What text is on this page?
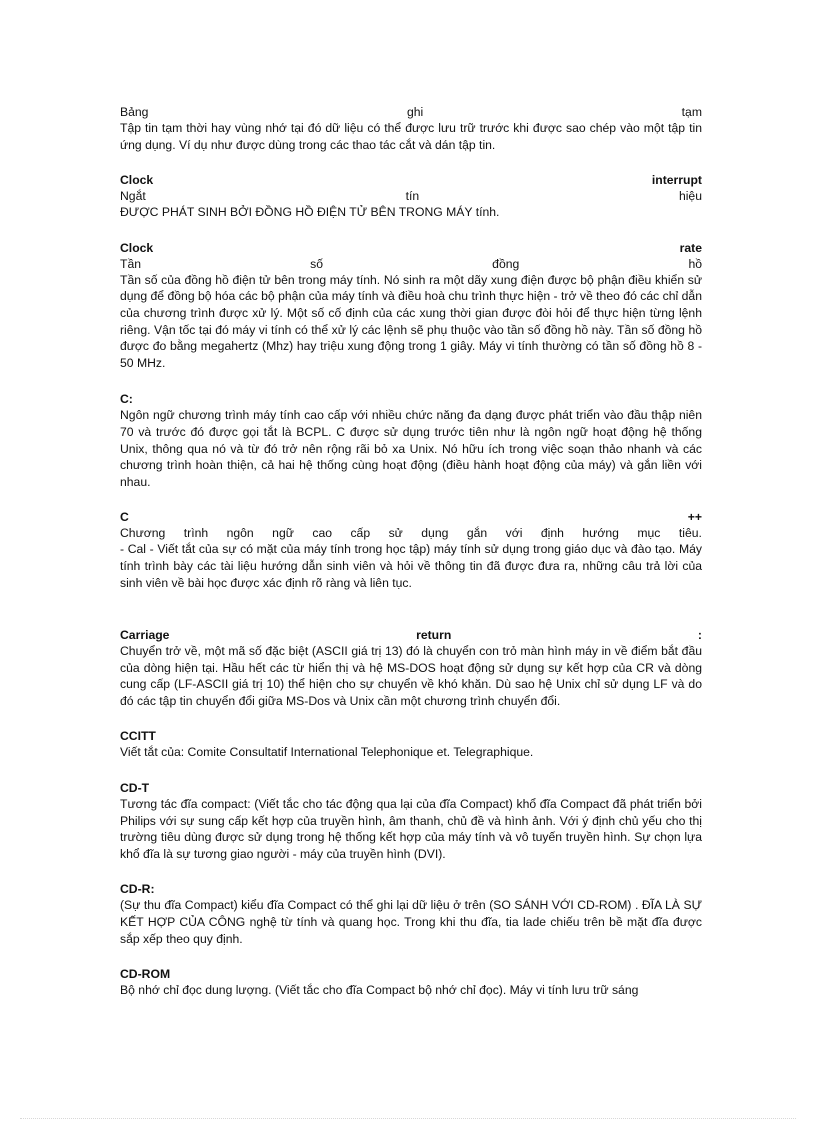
Bảng	ghi	tạm
Tập tin tạm thời hay vùng nhớ tại đó dữ liệu có thể được lưu trữ trước khi được sao chép vào một tập tin ứng dụng. Ví dụ như được dùng trong các thao tác cắt và dán tập tin.
Clock	interrupt
Ngắt	tín	hiệu
ĐƯỢC PHÁT SINH BỞI ĐỒNG HỒ ĐIỆN TỬ BÊN TRONG MÁY tính.
Clock	rate
Tần	số	đồng	hồ
Tần số của đồng hồ điện tử bên trong máy tính. Nó sinh ra một dãy xung điện được bộ phận điều khiển sử dụng để đồng bộ hóa các bộ phận của máy tính và điều hoà chu trình thực hiện - trở về theo đó các chỉ dẫn của chương trình được xử lý. Một số cố định của các xung thời gian được đòi hỏi để thực hiện từng lệnh riêng. Vận tốc tại đó máy vi tính có thể xử lý các lệnh sẽ phụ thuộc vào tần số đồng hồ này. Tần số đồng hồ được đo bằng megahertz (Mhz) hay triệu xung động trong 1 giây. Máy vi tính thường có tần số đồng hồ 8 - 50 MHz.
C:
Ngôn ngữ chương trình máy tính cao cấp với nhiều chức năng đa dạng được phát triển vào đầu thập niên 70 và trước đó được gọi tắt là BCPL. C được sử dụng trước tiên như là ngôn ngữ hoạt động hệ thống Unix, thông qua nó và từ đó trở nên rộng rãi bỏ xa Unix. Nó hữu ích trong việc soạn thảo nhanh và các chương trình hoàn thiện, cả hai hệ thống cùng hoạt động (điều hành hoạt động của máy) và gắn liền với nhau.
C	++
Chương trình ngôn ngữ cao cấp sử dụng gắn với định hướng mục tiêu.
- Cal - Viết tắt của sự có mặt của máy tính trong học tập) máy tính sử dụng trong giáo dục và đào tạo. Máy tính trình bày các tài liệu hướng dẫn sinh viên và hỏi về thông tin đã được đưa ra, những câu trả lời của sinh viên về bài học được xác định rõ ràng và liên tục.
Carriage	return	:
Chuyển trở về, một mã số đặc biệt (ASCII giá trị 13) đó là chuyển con trỏ màn hình máy in về điểm bắt đầu của dòng hiện tại. Hầu hết các từ hiển thị và hệ MS-DOS hoạt động sử dụng sự kết hợp của CR và dòng cung cấp (LF-ASCII giá trị 10) thể hiện cho sự chuyển về khó khăn. Dù sao hệ Unix chỉ sử dụng LF và do đó các tập tin chuyển đổi giữa MS-Dos và Unix cần một chương trình chuyển đổi.
CCITT
Viết tắt của: Comite Consultatif International Telephonique et. Telegraphique.
CD-T
Tương tác đĩa compact: (Viết tắc cho tác động qua lại của đĩa Compact) khổ đĩa Compact đã phát triển bởi Philips với sự sung cấp kết hợp của truyền hình, âm thanh, chủ đề và hình ảnh. Với ý định chủ yếu cho thị trường tiêu dùng được sử dụng trong hệ thống kết hợp của máy tính và vô tuyến truyền hình. Sự chọn lựa khổ đĩa là sự tương giao người - máy của truyền hình (DVI).
CD-R:
(Sự thu đĩa Compact) kiểu đĩa Compact có thể ghi lại dữ liệu ở trên (SO SÁNH VỚI CD-ROM) . ĐĨA LÀ SỰ KẾT HỢP CỦA CÔNG nghệ từ tính và quang học. Trong khi thu đĩa, tia lade chiếu trên bề mặt đĩa được sắp xếp theo quy định.
CD-ROM
Bộ nhớ chỉ đọc dung lượng. (Viết tắc cho đĩa Compact bộ nhớ chỉ đọc). Máy vi tính lưu trữ sáng
